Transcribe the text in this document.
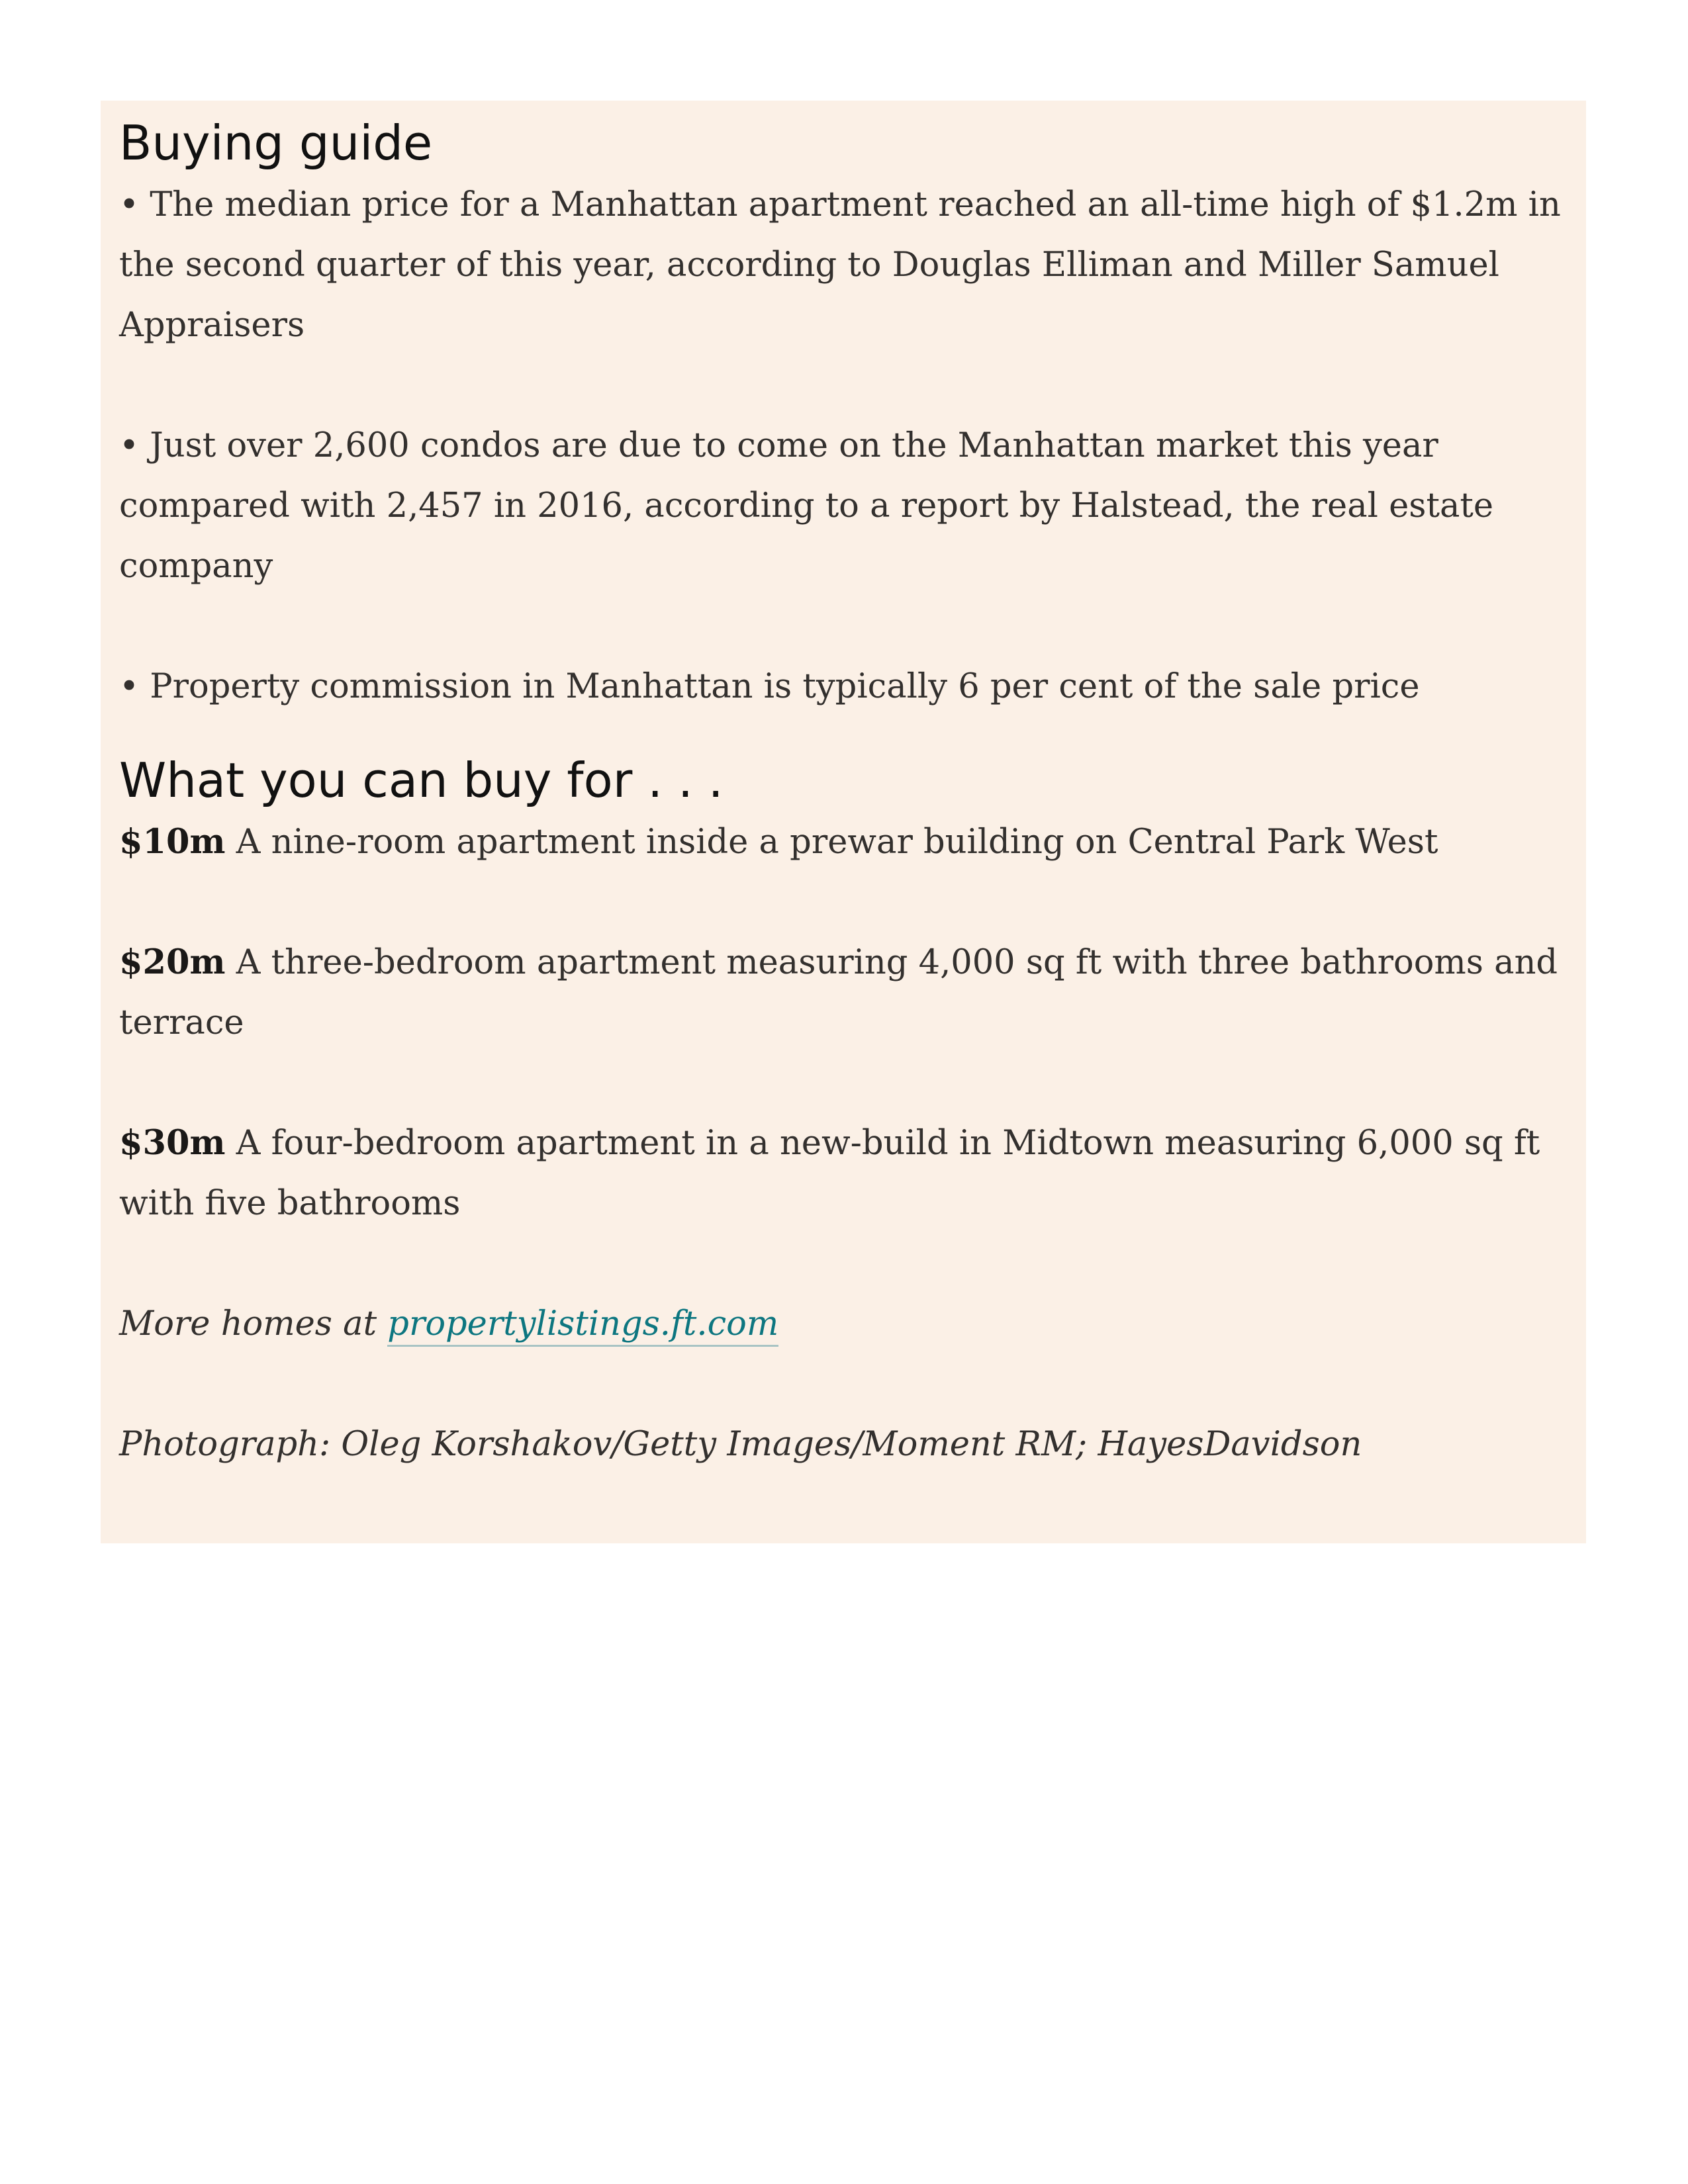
Buying guide

• The median price for a Manhattan apartment reached an all-time high of $1.2m in the second quarter of this year, according to Douglas Elliman and Miller Samuel Appraisers

• Just over 2,600 condos are due to come on the Manhattan market this year compared with 2,457 in 2016, according to a report by Halstead, the real estate company

• Property commission in Manhattan is typically 6 per cent of the sale price

What you can buy for . . .

$10m A nine-room apartment inside a prewar building on Central Park West

$20m A three-bedroom apartment measuring 4,000 sq ft with three bathrooms and terrace

$30m A four-bedroom apartment in a new-build in Midtown measuring 6,000 sq ft with five bathrooms

More homes at propertylistings.ft.com

Photograph: Oleg Korshakov/Getty Images/Moment RM; HayesDavidson
